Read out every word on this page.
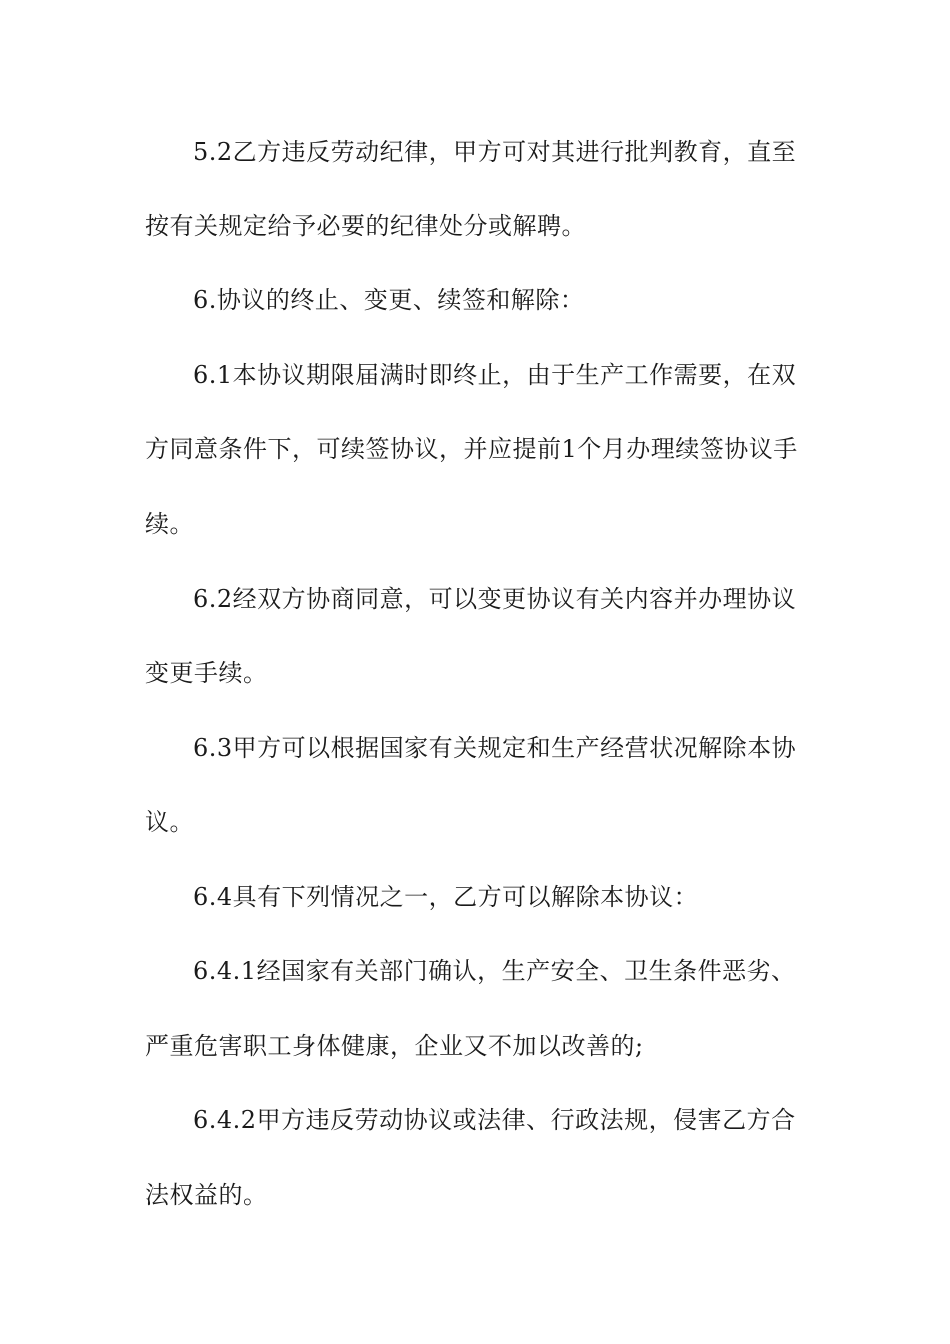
5.2乙方违反劳动纪律，甲方可对其进行批判教育，直至
按有关规定给予必要的纪律处分或解聘。
6.协议的终止、变更、续签和解除：
6.1本协议期限届满时即终止，由于生产工作需要，在双
方同意条件下，可续签协议，并应提前1个月办理续签协议手
续。
6.2经双方协商同意，可以变更协议有关内容并办理协议
变更手续。
6.3甲方可以根据国家有关规定和生产经营状况解除本协
议。
6.4具有下列情况之一，乙方可以解除本协议：
6.4.1经国家有关部门确认，生产安全、卫生条件恶劣、
严重危害职工身体健康，企业又不加以改善的;
6.4.2甲方违反劳动协议或法律、行政法规，侵害乙方合
法权益的。
